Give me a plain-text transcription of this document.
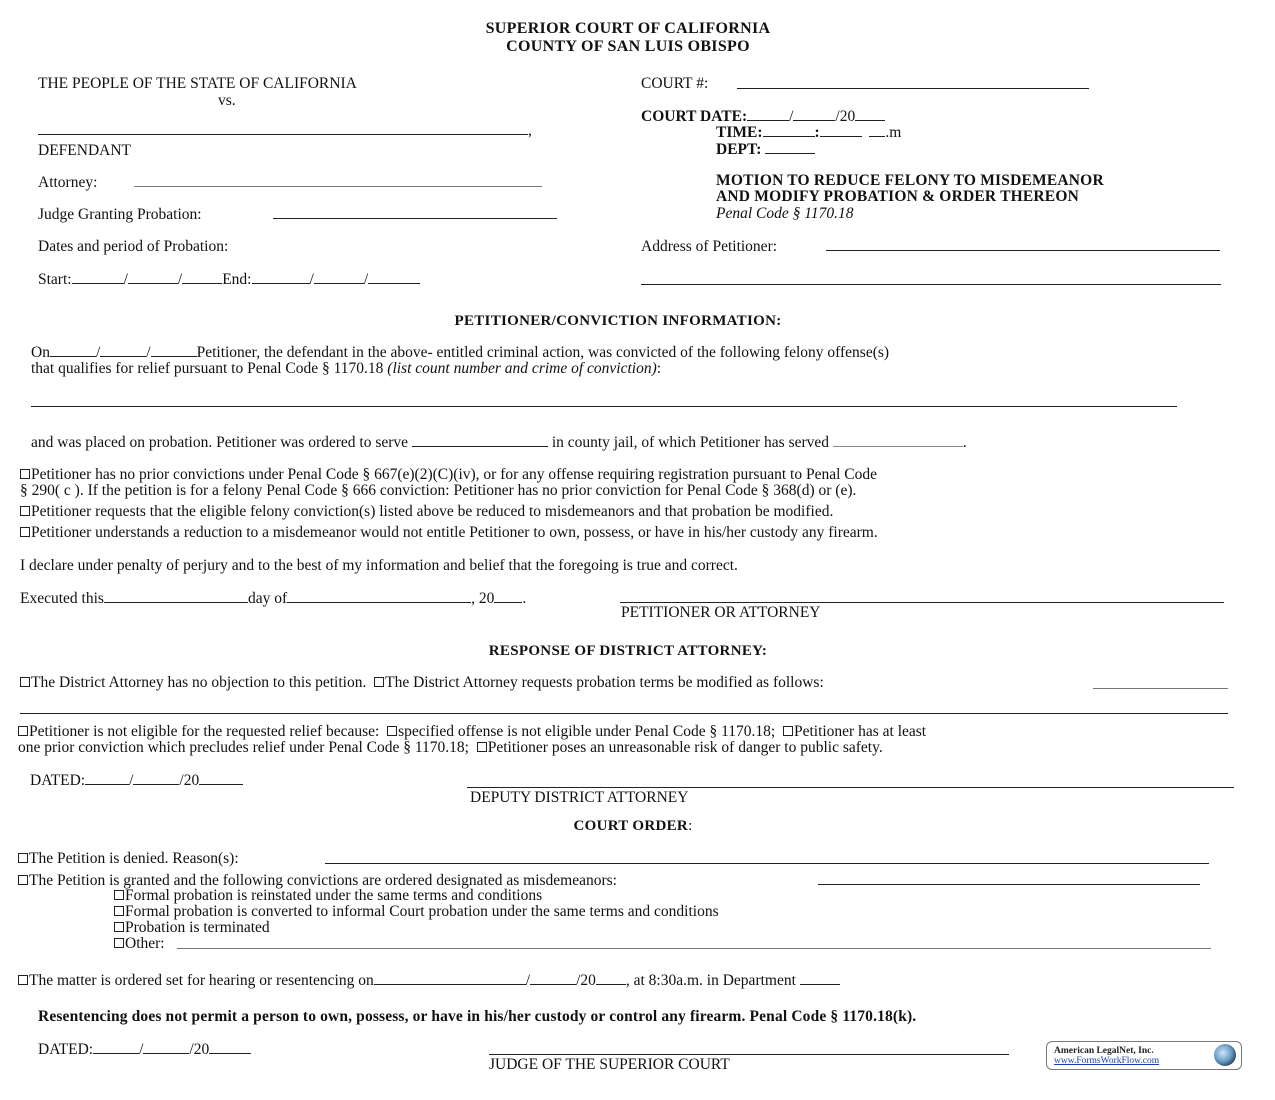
SUPERIOR COURT OF CALIFORNIA
COUNTY OF SAN LUIS OBISPO
THE PEOPLE OF THE STATE OF CALIFORNIA
vs.
,
DEFENDANT
Attorney:
Judge Granting Probation:
Dates and period of Probation:
Start:	/	/	End:	/	/
COURT #:
COURT DATE:	/	/20
TIME:	:	.m
DEPT:
MOTION TO REDUCE FELONY TO MISDEMEANOR
AND MODIFY PROBATION & ORDER THEREON
Penal Code § 1170.18
Address of Petitioner:
PETITIONER/CONVICTION INFORMATION:
On	/	/	Petitioner, the defendant in the above- entitled criminal action, was convicted of the following felony offense(s)
that qualifies for relief pursuant to Penal Code § 1170.18 (list count number and crime of conviction):
and was placed on probation. Petitioner was ordered to serve	in county jail, of which Petitioner has served	.
Petitioner has no prior convictions under Penal Code § 667(e)(2)(C)(iv), or for any offense requiring registration pursuant to Penal Code
§ 290( c ). If the petition is for a felony Penal Code § 666 conviction: Petitioner has no prior conviction for Penal Code § 368(d) or (e).
Petitioner requests that the eligible felony conviction(s) listed above be reduced to misdemeanors and that probation be modified.
Petitioner understands a reduction to a misdemeanor would not entitle Petitioner to own, possess, or have in his/her custody any firearm.
I declare under penalty of perjury and to the best of my information and belief that the foregoing is true and correct.
Executed this	day of	, 20 .
PETITIONER OR ATTORNEY
RESPONSE OF DISTRICT ATTORNEY:
The District Attorney has no objection to this petition. The District Attorney requests probation terms be modified as follows:
Petitioner is not eligible for the requested relief because: specified offense is not eligible under Penal Code § 1170.18; Petitioner has at least
one prior conviction which precludes relief under Penal Code § 1170.18; Petitioner poses an unreasonable risk of danger to public safety.
DATED:	/	/20
DEPUTY DISTRICT ATTORNEY
COURT ORDER:
The Petition is denied. Reason(s):
The Petition is granted and the following convictions are ordered designated as misdemeanors:
Formal probation is reinstated under the same terms and conditions
Formal probation is converted to informal Court probation under the same terms and conditions
Probation is terminated
Other:
The matter is ordered set for hearing or resentencing on	/	/20 , at 8:30a.m. in Department
Resentencing does not permit a person to own, possess, or have in his/her custody or control any firearm. Penal Code § 1170.18(k).
DATED:	/	/20
JUDGE OF THE SUPERIOR COURT
American LegalNet, Inc.
www.FormsWorkFlow.com
